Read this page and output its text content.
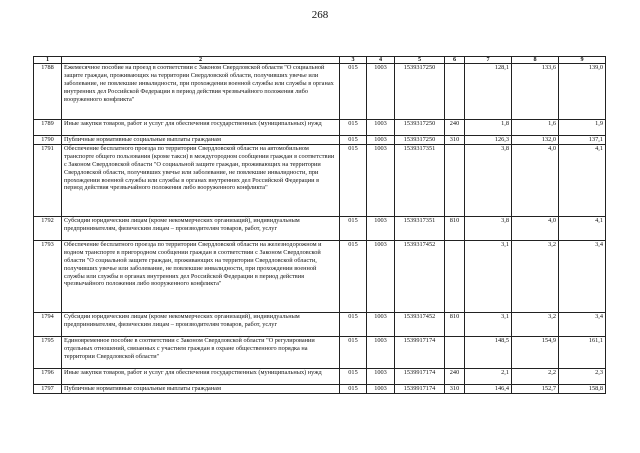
268
1	2	3	4	5	6	7	8	9
1788	Ежемесячное пособие на проезд в соответствии с Законом Свердловской области "О социальной защите граждан, проживающих на территории Свердловской области, получивших увечье или заболевание, не повлекшие инвалидности, при прохождении военной службы или службы в органах внутренних дел Российской Федерации в период действия чрезвычайного положения либо вооруженного конфликта"	015	1003	1539317250		128,1	133,6	139,0
1789	Иные закупки товаров, работ и услуг для обеспечения государственных (муниципальных) нужд	015	1003	1539317250	240	1,8	1,6	1,9
1790	Публичные нормативные социальные выплаты гражданам	015	1003	1539317250	310	126,3	132,0	137,1
1791	Обеспечение бесплатного проезда по территории Свердловской области на автомобильном транспорте общего пользования (кроме такси) в междугородном сообщении граждан в соответствии с Законом Свердловской области "О социальной защите граждан, проживающих на территории Свердловской области, получивших увечье или заболевание, не повлекшие инвалидности, при прохождении военной службы или службы в органах внутренних дел Российской Федерации в период действия чрезвычайного положения либо вооруженного конфликта"	015	1003	1539317351		3,8	4,0	4,1
1792	Субсидии юридическим лицам (кроме некоммерческих организаций), индивидуальным предпринимателям, физическим лицам – производителям товаров, работ, услуг	015	1003	1539317351	810	3,8	4,0	4,1
1793	Обеспечение бесплатного проезда по территории Свердловской области на железнодорожном и водном транспорте в пригородном сообщении граждан в соответствии с Законом Свердловской области "О социальной защите граждан, проживающих на территории Свердловской области, получивших увечье или заболевание, не повлекшие инвалидности, при прохождении военной службы или службы в органах внутренних дел Российской Федерации в период действия чрезвычайного положения либо вооруженного конфликта"	015	1003	1539317452		3,1	3,2	3,4
1794	Субсидии юридическим лицам (кроме некоммерческих организаций), индивидуальным предпринимателям, физическим лицам – производителям товаров, работ, услуг	015	1003	1539317452	810	3,1	3,2	3,4
1795	Единовременное пособие в соответствии с Законом Свердловской области "О регулировании отдельных отношений, связанных с участием граждан в охране общественного порядка на территории Свердловской области"	015	1003	1539917174		148,5	154,9	161,1
1796	Иные закупки товаров, работ и услуг для обеспечения государственных (муниципальных) нужд	015	1003	1539917174	240	2,1	2,2	2,3
1797	Публичные нормативные социальные выплаты гражданам	015	1003	1539917174	310	146,4	152,7	158,8
